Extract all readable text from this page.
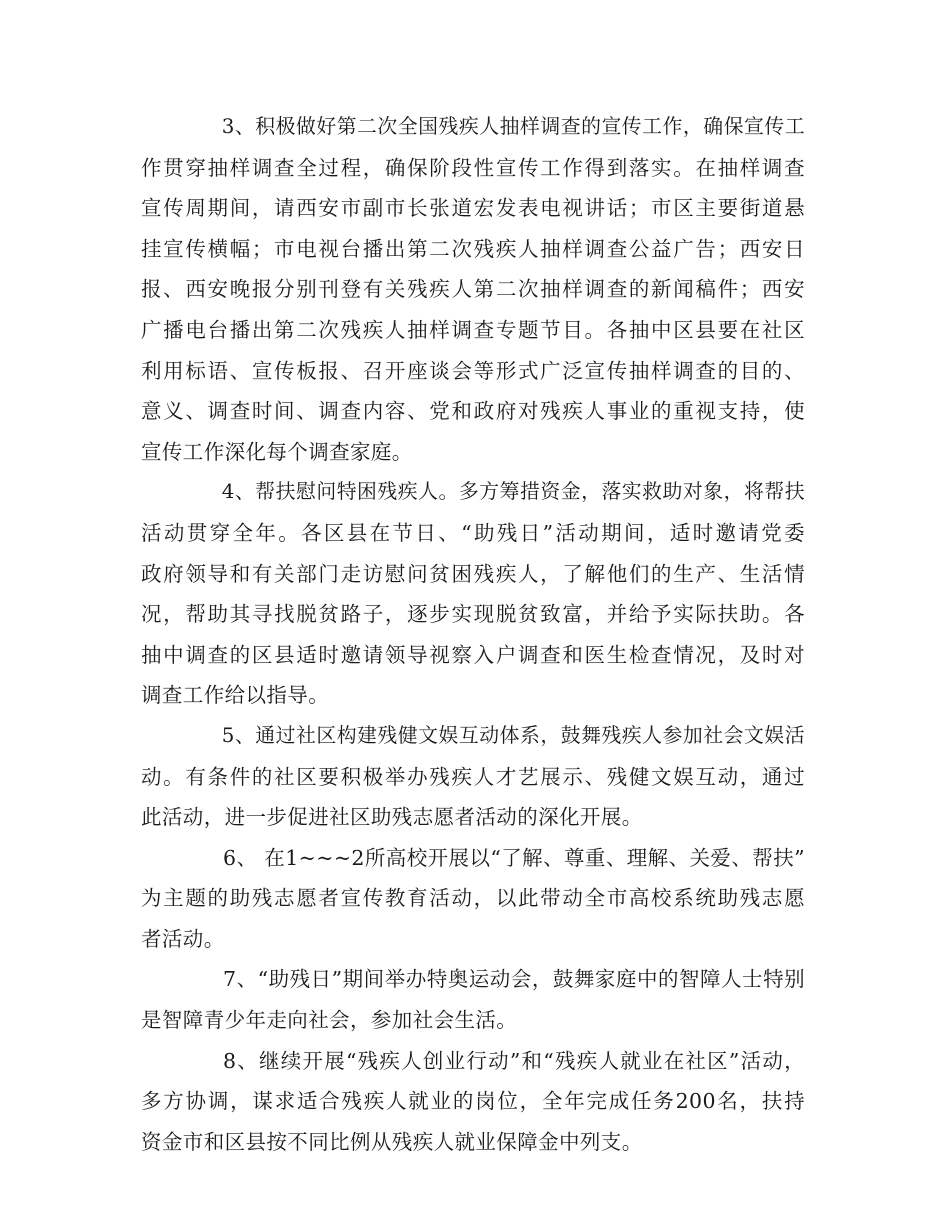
3、积极做好第二次全国残疾人抽样调查的宣传工作，确保宣传工
作贯穿抽样调查全过程，确保阶段性宣传工作得到落实。在抽样调查
宣传周期间，请西安市副市长张道宏发表电视讲话；市区主要街道悬
挂宣传横幅；市电视台播出第二次残疾人抽样调查公益广告；西安日
报、西安晚报分别刊登有关残疾人第二次抽样调查的新闻稿件；西安
广播电台播出第二次残疾人抽样调查专题节目。各抽中区县要在社区
利用标语、宣传板报、召开座谈会等形式广泛宣传抽样调查的目的、
意义、调查时间、调查内容、党和政府对残疾人事业的重视支持，使
宣传工作深化每个调查家庭。

4、帮扶慰问特困残疾人。多方筹措资金，落实救助对象，将帮扶
活动贯穿全年。各区县在节日、“助残日”活动期间，适时邀请党委
政府领导和有关部门走访慰问贫困残疾人，了解他们的生产、生活情
况，帮助其寻找脱贫路子，逐步实现脱贫致富，并给予实际扶助。各
抽中调查的区县适时邀请领导视察入户调查和医生检查情况，及时对
调查工作给以指导。

5、通过社区构建残健文娱互动体系，鼓舞残疾人参加社会文娱活
动。有条件的社区要积极举办残疾人才艺展示、残健文娱互动，通过
此活动，进一步促进社区助残志愿者活动的深化开展。

6、 在1~~~2所高校开展以“了解、尊重、理解、关爱、帮扶”
为主题的助残志愿者宣传教育活动，以此带动全市高校系统助残志愿
者活动。

7、“助残日”期间举办特奥运动会，鼓舞家庭中的智障人士特别
是智障青少年走向社会，参加社会生活。

8、继续开展“残疾人创业行动”和“残疾人就业在社区”活动，
多方协调，谋求适合残疾人就业的岗位，全年完成任务200名，扶持
资金市和区县按不同比例从残疾人就业保障金中列支。
